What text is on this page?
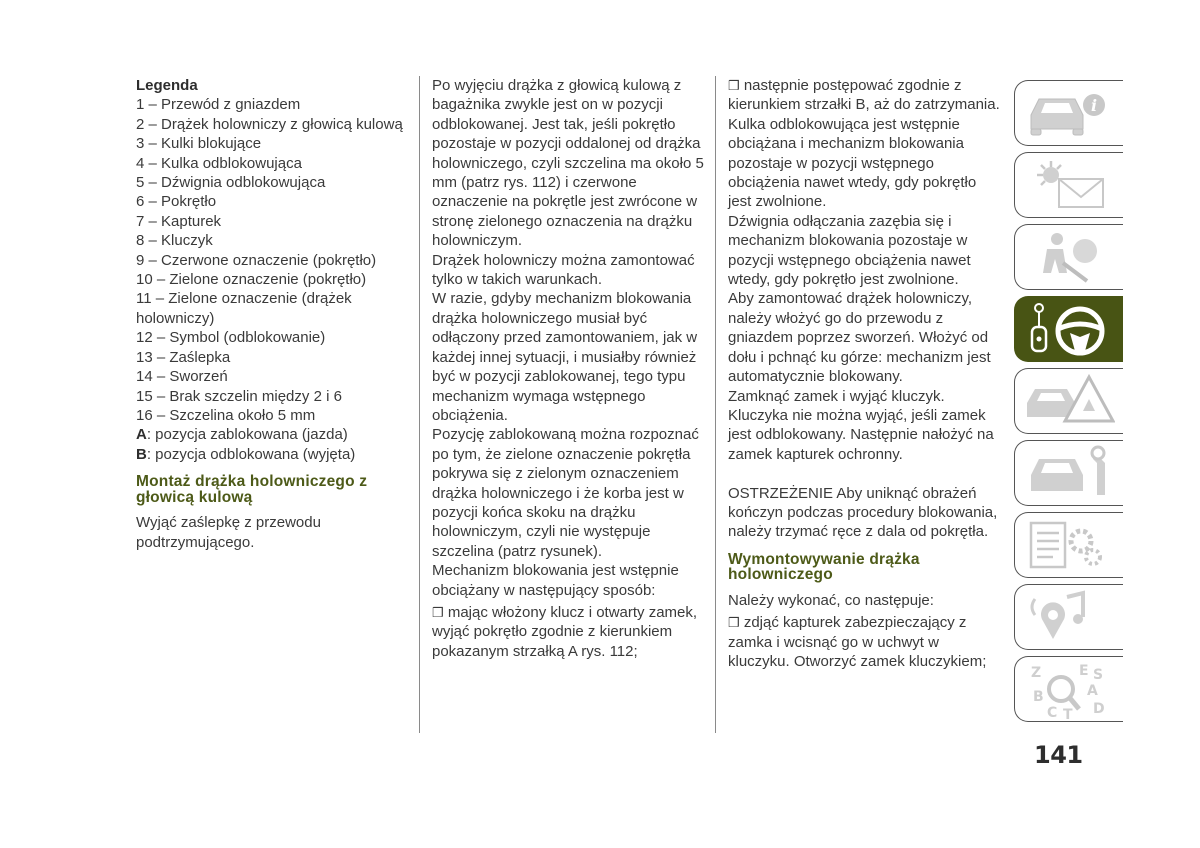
Legenda

1 – Przewód z gniazdem

2 – Drążek holowniczy z głowicą kulową

3 – Kulki blokujące

4 – Kulka odblokowująca

5 – Dźwignia odblokowująca

6 – Pokrętło

7 – Kapturek

8 – Kluczyk

9 – Czerwone oznaczenie (pokrętło)

10 – Zielone oznaczenie (pokrętło)

11 – Zielone oznaczenie (drążek holowniczy)

12 – Symbol (odblokowanie)

13 – Zaślepka

14 – Sworzeń

15 – Brak szczelin między 2 i 6

16 – Szczelina około 5 mm

A: pozycja zablokowana (jazda)

B: pozycja odblokowana (wyjęta)

Montaż drążka holowniczego z głowicą kulową

Wyjąć zaślepkę z przewodu podtrzymującego.

Po wyjęciu drążka z głowicą kulową z bagażnika zwykle jest on w pozycji odblokowanej. Jest tak, jeśli pokrętło pozostaje w pozycji oddalonej od drążka holowniczego, czyli szczelina ma około 5 mm (patrz rys. 112) i czerwone oznaczenie na pokrętle jest zwrócone w stronę zielonego oznaczenia na drążku holowniczym.

Drążek holowniczy można zamontować tylko w takich warunkach.

W razie, gdyby mechanizm blokowania drążka holowniczego musiał być odłączony przed zamontowaniem, jak w każdej innej sytuacji, i musiałby również być w pozycji zablokowanej, tego typu mechanizm wymaga wstępnego obciążenia.

Pozycję zablokowaną można rozpoznać po tym, że zielone oznaczenie pokrętła pokrywa się z zielonym oznaczeniem drążka holowniczego i że korba jest w pozycji końca skoku na drążku holowniczym, czyli nie występuje szczelina (patrz rysunek).

Mechanizm blokowania jest wstępnie obciążany w następujący sposób:

❒ mając włożony klucz i otwarty zamek, wyjąć pokrętło zgodnie z kierunkiem pokazanym strzałką A rys. 112;

❒ następnie postępować zgodnie z kierunkiem strzałki B, aż do zatrzymania.

Kulka odblokowująca jest wstępnie obciążana i mechanizm blokowania pozostaje w pozycji wstępnego obciążenia nawet wtedy, gdy pokrętło jest zwolnione.

Dźwignia odłączania zazębia się i mechanizm blokowania pozostaje w pozycji wstępnego obciążenia nawet wtedy, gdy pokrętło jest zwolnione.

Aby zamontować drążek holowniczy, należy włożyć go do przewodu z gniazdem poprzez sworzeń. Włożyć od dołu i pchnąć ku górze: mechanizm jest automatycznie blokowany.

Zamknąć zamek i wyjąć kluczyk.

Kluczyka nie można wyjąć, jeśli zamek jest odblokowany. Następnie nałożyć na zamek kapturek ochronny.

OSTRZEŻENIE Aby uniknąć obrażeń kończyn podczas procedury blokowania, należy trzymać ręce z dala od pokrętła.

Wymontowywanie drążka holowniczego

Należy wykonać, co następuje:

❒ zdjąć kapturek zabezpieczający z zamka i wcisnąć go w uchwyt w kluczyku. Otworzyć zamek kluczykiem;

i
Z	E S
A
B
C T D
141
